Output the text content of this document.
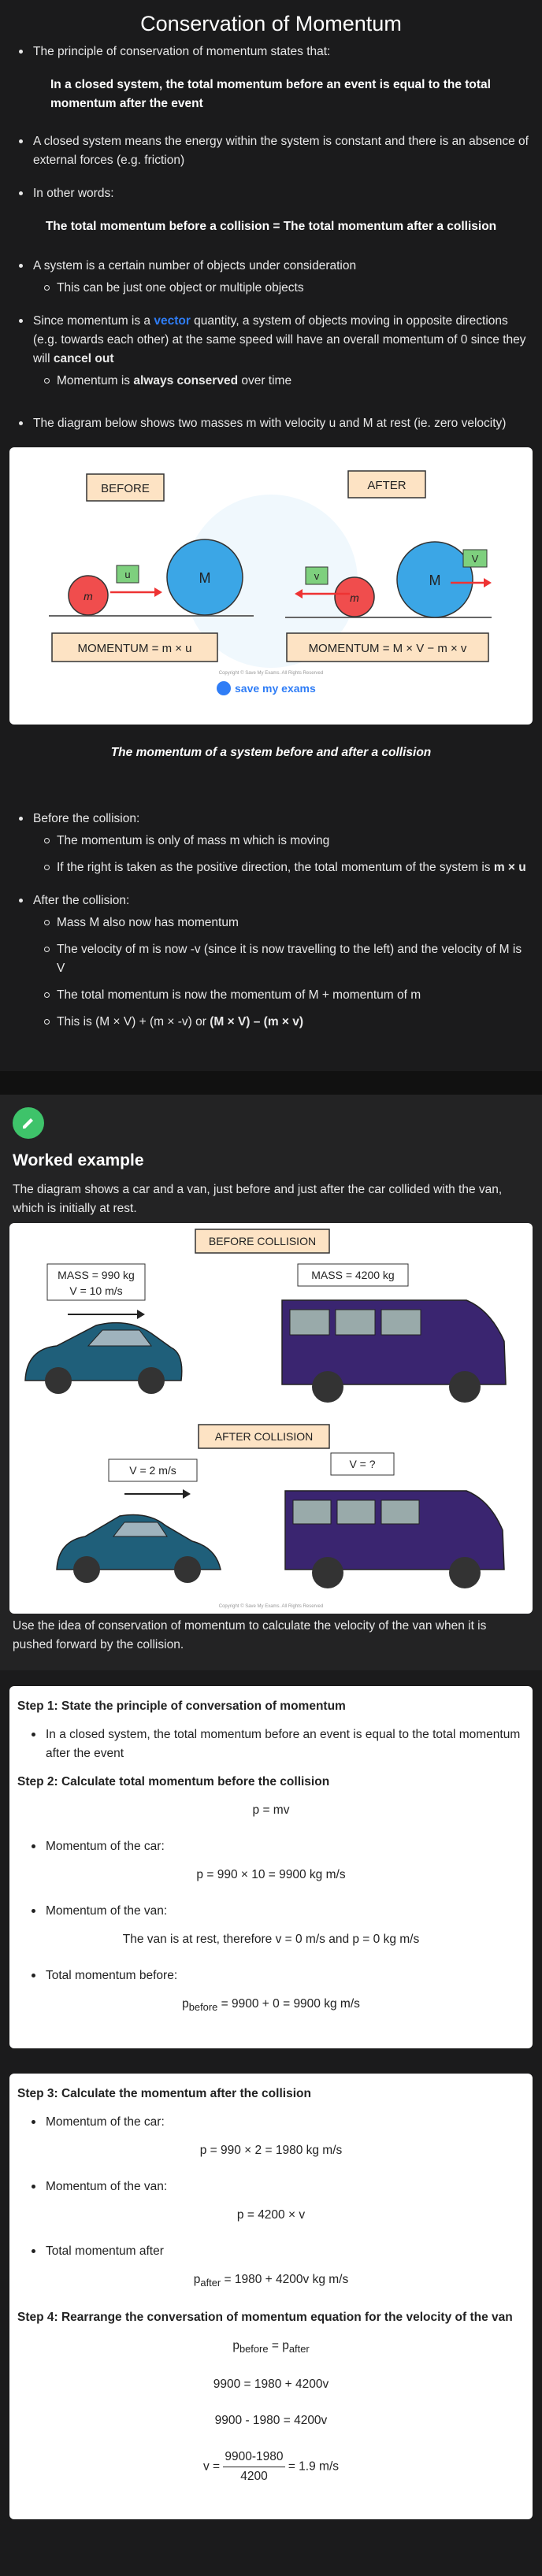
Conservation of Momentum
The principle of conservation of momentum states that:

In a closed system, the total momentum before an event is equal to the total momentum after the event

A closed system means the energy within the system is constant and there is an absence of external forces (e.g. friction)
In other words:

The total momentum before a collision = The total momentum after a collision

A system is a certain number of objects under consideration
This can be just one object or multiple objects
Since momentum is a vector quantity, a system of objects moving in opposite directions (e.g. towards each other) at the same speed will have an overall momentum of 0 since they will cancel out
Momentum is always conserved over time
The diagram below shows two masses m with velocity u and M at rest (ie. zero velocity)
BEFORE	AFTER
m
u	M
m
v	M
V
MOMENTUM = m × u	MOMENTUM = M × V − m × v
Copyright © Save My Exams. All Rights Reserved
save my exams

The momentum of a system before and after a collision

Before the collision:
The momentum is only of mass m which is moving
If the right is taken as the positive direction, the total momentum of the system is m × u
After the collision:
Mass M also now has momentum
The velocity of m is now -v (since it is now travelling to the left) and the velocity of M is V
The total momentum is now the momentum of M + momentum of m
This is (M × V) + (m × -v) or (M × V) – (m × v)
Worked example

The diagram shows a car and a van, just before and just after the car collided with the van, which is initially at rest.

BEFORE COLLISION
MASS = 990 kg
V = 10 m/s
MASS = 4200 kg
AFTER COLLISION
V = 2 m/s	V = ?
Copyright © Save My Exams. All Rights Reserved

Use the idea of conservation of momentum to calculate the velocity of the van when it is pushed forward by the collision.

Step 1: State the principle of conversation of momentum
In a closed system, the total momentum before an event is equal to the total momentum after the event
Step 2: Calculate total momentum before the collision

p = mv

Momentum of the car:

p = 990 × 10 = 9900 kg m/s

Momentum of the van:

The van is at rest, therefore v = 0 m/s and p = 0 kg m/s

Total momentum before:

$p_{before} = 9900 + 0 = 9900$ kg m/s

Step 3: Calculate the momentum after the collision
Momentum of the car:

p = 990 × 2 = 1980 kg m/s

Momentum of the van:

p = 4200 × v

Total momentum after

$p_{after} = 1980 + 4200v$ kg m/s

Step 4: Rearrange the conversation of momentum equation for the velocity of the van

$p_{before} = p_{after}$

9900 = 1980 + 4200v

9900 - 1980 = 4200v

$v = \frac{9900-1980}{4200} = 1.9$ m/s
